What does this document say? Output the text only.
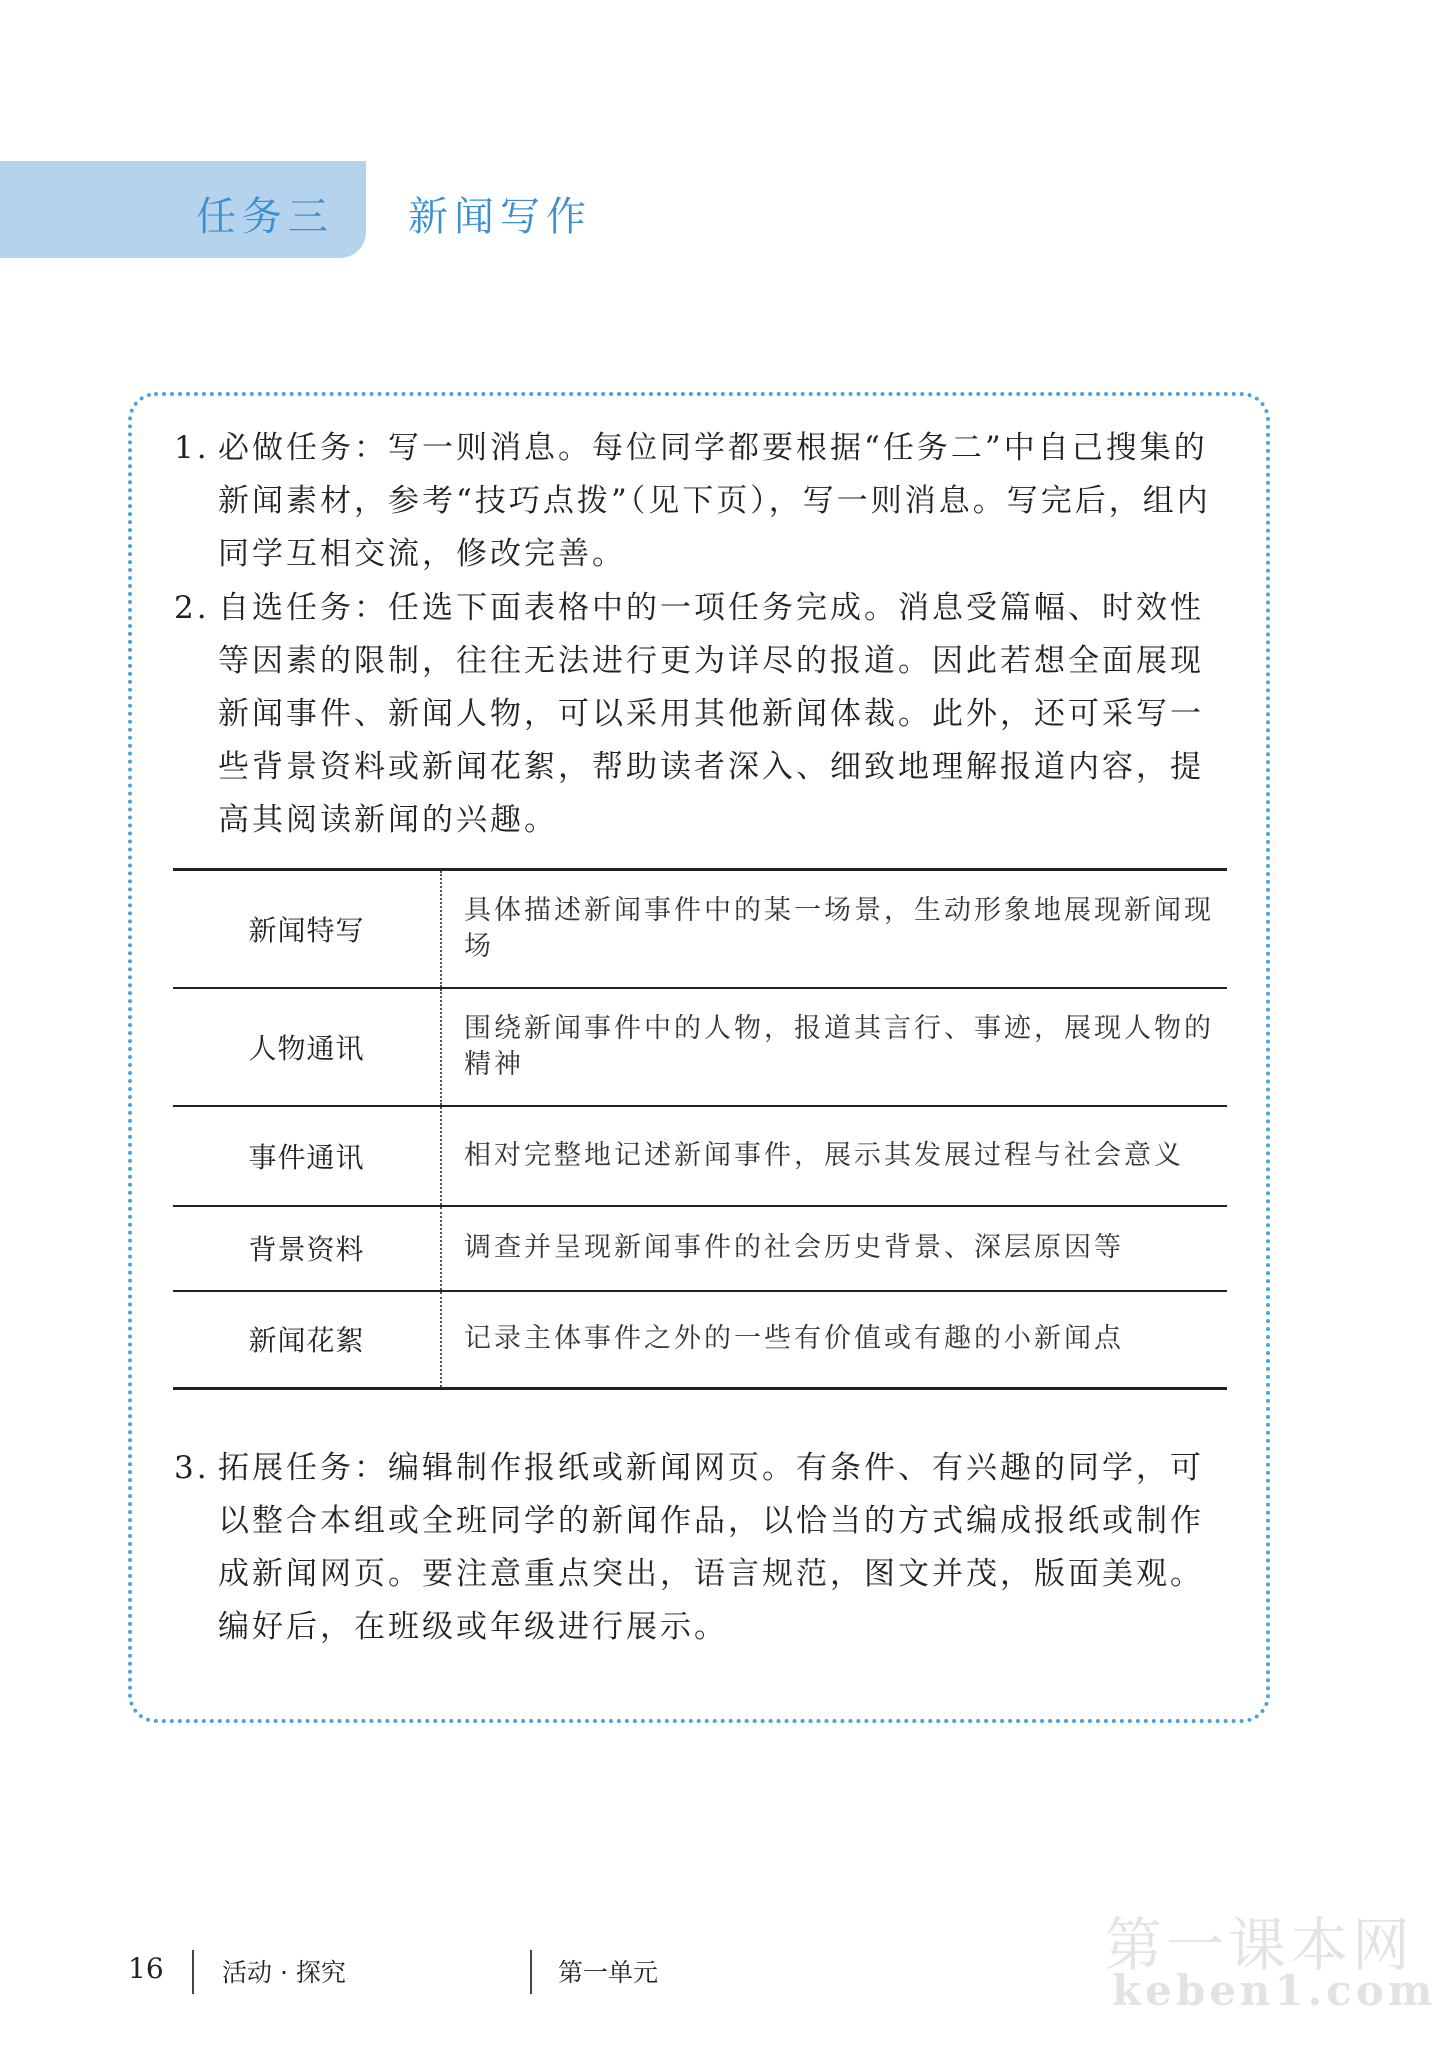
任务三 新闻写作
1. 必做任务：写一则消息。每位同学都要根据“任务二”中自己搜集的新闻素材，参考“技巧点拨”（见下页），写一则消息。写完后，组内同学互相交流，修改完善。
2. 自选任务：任选下面表格中的一项任务完成。消息受篇幅、时效性等因素的限制，往往无法进行更为详尽的报道。因此若想全面展现新闻事件、新闻人物，可以采用其他新闻体裁。此外，还可采写一些背景资料或新闻花絮，帮助读者深入、细致地理解报道内容，提高其阅读新闻的兴趣。
新闻特写	具体描述新闻事件中的某一场景，生动形象地展现新闻现场
人物通讯	围绕新闻事件中的人物，报道其言行、事迹，展现人物的精神
事件通讯	相对完整地记述新闻事件，展示其发展过程与社会意义
背景资料	调查并呈现新闻事件的社会历史背景、深层原因等
新闻花絮	记录主体事件之外的一些有价值或有趣的小新闻点
3. 拓展任务：编辑制作报纸或新闻网页。有条件、有兴趣的同学，可以整合本组或全班同学的新闻作品，以恰当的方式编成报纸或制作成新闻网页。要注意重点突出，语言规范，图文并茂，版面美观。编好后，在班级或年级进行展示。
16 活动 · 探究	第一单元	第一课本网
keben1.com
